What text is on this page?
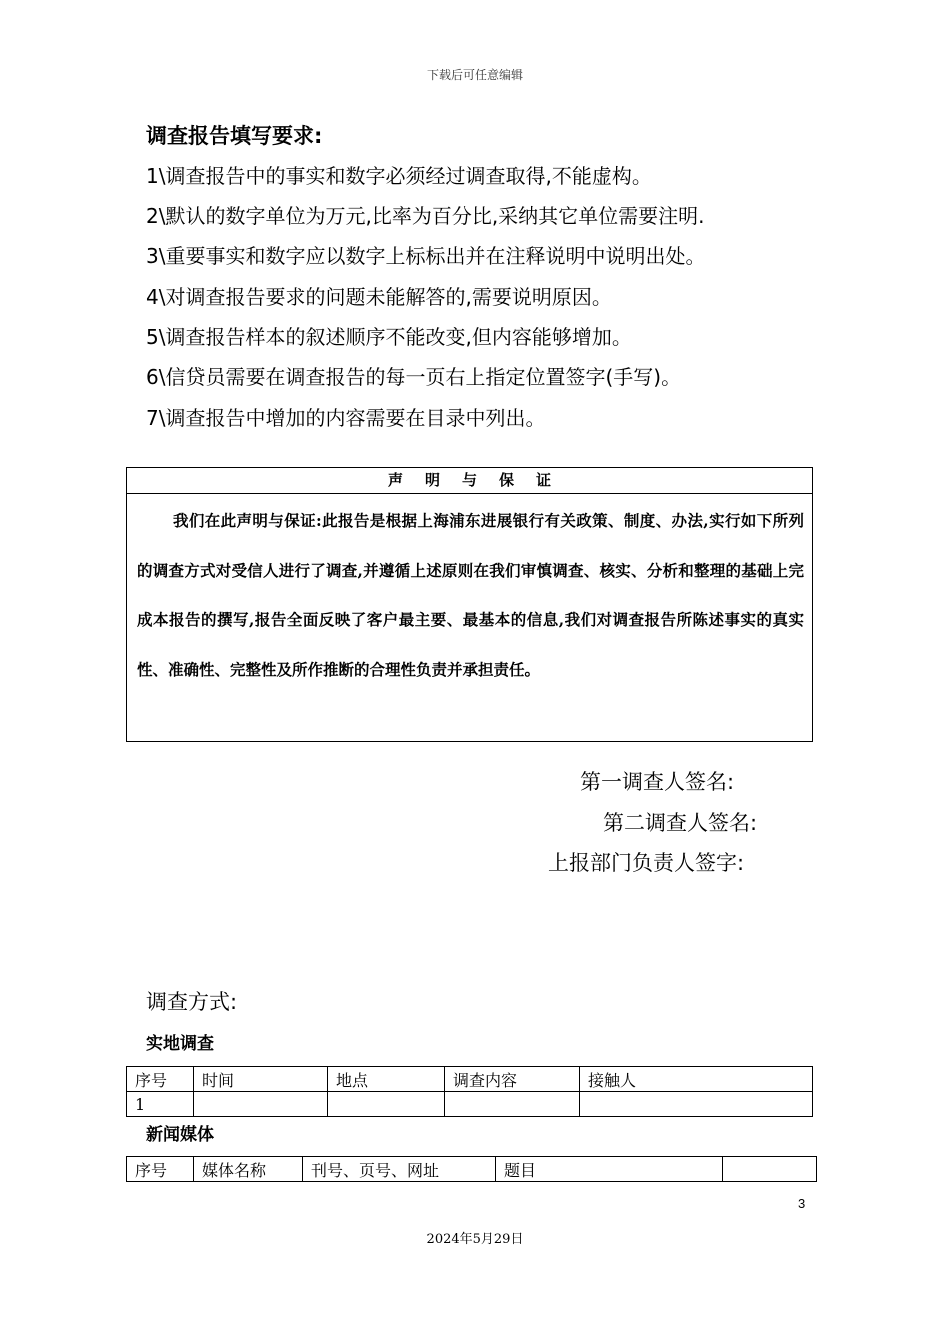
下载后可任意编辑
调查报告填写要求:
1\调查报告中的事实和数字必须经过调查取得,不能虚构。
2\默认的数字单位为万元,比率为百分比,采纳其它单位需要注明.
3\重要事实和数字应以数字上标标出并在注释说明中说明出处。
4\对调查报告要求的问题未能解答的,需要说明原因。
5\调查报告样本的叙述顺序不能改变,但内容能够增加。
6\信贷员需要在调查报告的每一页右上指定位置签字(手写)。
7\调查报告中增加的内容需要在目录中列出。
声明与保证
我们在此声明与保证:此报告是根据上海浦东进展银行有关政策、制度、办法,实行如下所列的调查方式对受信人进行了调查,并遵循上述原则在我们审慎调查、核实、分析和整理的基础上完成本报告的撰写,报告全面反映了客户最主要、最基本的信息,我们对调查报告所陈述事实的真实性、准确性、完整性及所作推断的合理性负责并承担责任。
第一调查人签名:
第二调查人签名:
上报部门负责人签字:
调查方式:
实地调查
序号	时间	地点	调查内容	接触人
1				
新闻媒体
序号	媒体名称	刊号、页号、网址	题目	
3
2024年5月29日
